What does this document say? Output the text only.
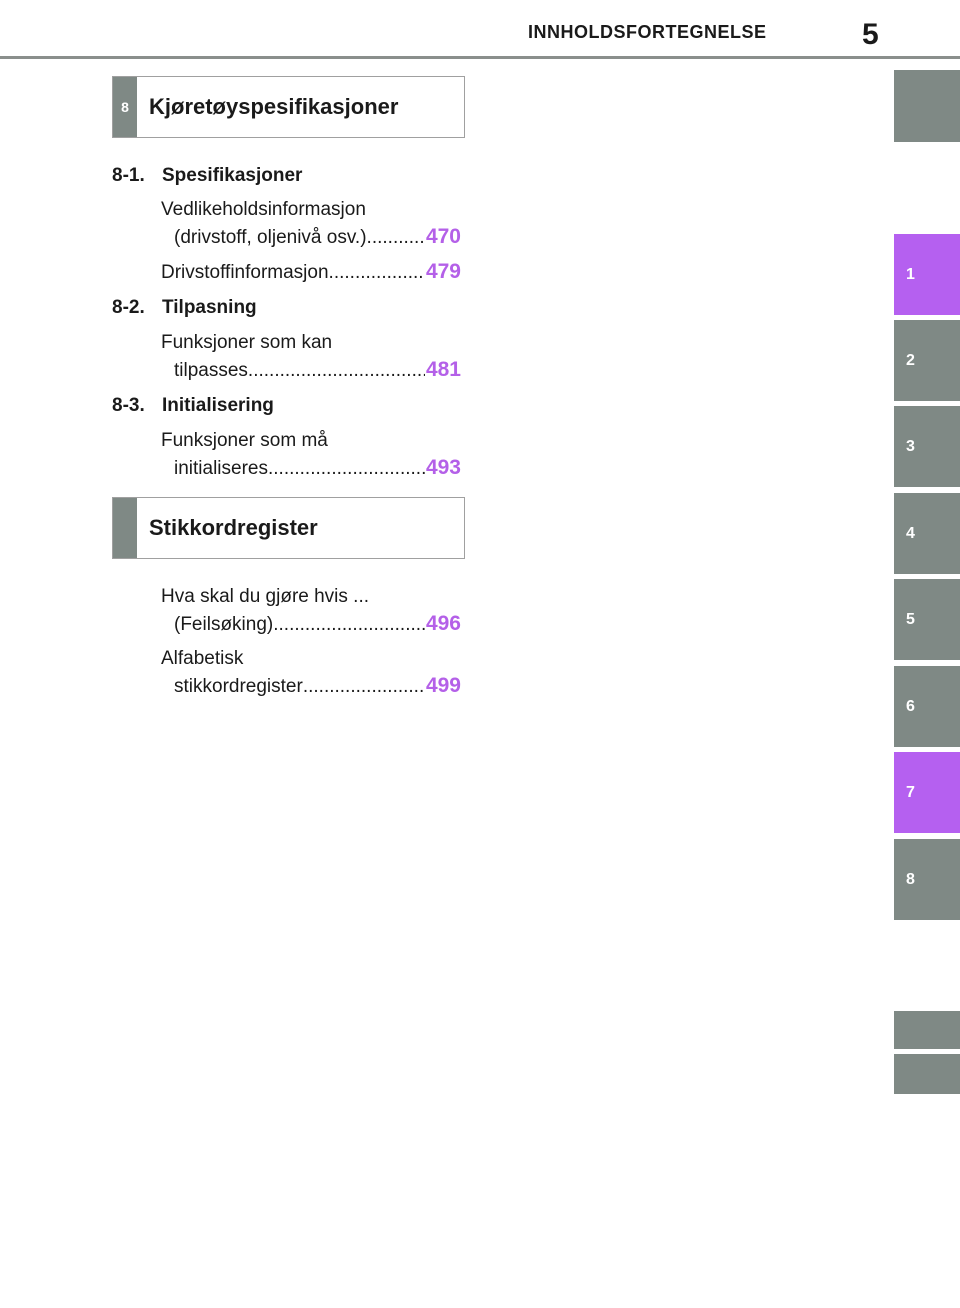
INNHOLDSFORTEGNELSE	5
1
2
3
4
5
6
7
8
8 Kjøretøyspesifikasjoner
8-1. Spesifikasjoner
Vedlikeholdsinformasjon
(drivstoff, oljenivå osv.) .....	470
Drivstoffinformasjon .....	479
8-2. Tilpasning
Funksjoner som kan
tilpasses .....	481
8-3. Initialisering
Funksjoner som må
initialiseres .....	493
Stikkordregister
Hva skal du gjøre hvis ...
(Feilsøking) .....	496
Alfabetisk
stikkordregister .....	499
